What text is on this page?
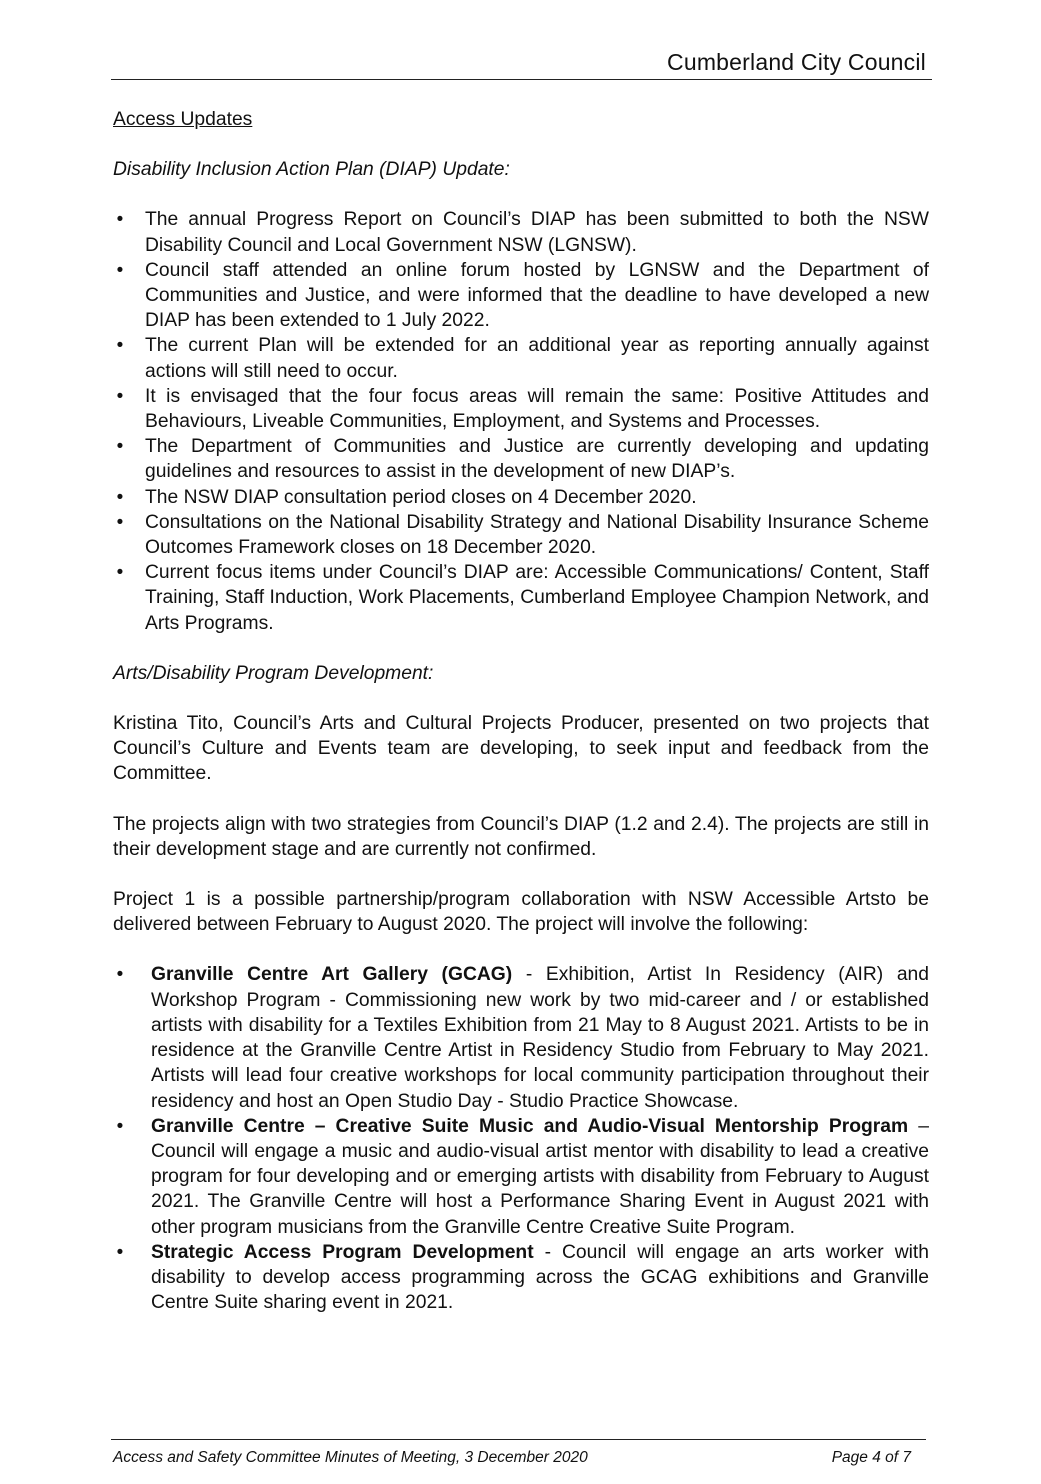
Cumberland City Council

Access Updates

Disability Inclusion Action Plan (DIAP) Update:

• The annual Progress Report on Council’s DIAP has been submitted to both the NSW Disability Council and Local Government NSW (LGNSW).
• Council staff attended an online forum hosted by LGNSW and the Department of Communities and Justice, and were informed that the deadline to have developed a new DIAP has been extended to 1 July 2022.
• The current Plan will be extended for an additional year as reporting annually against actions will still need to occur.
• It is envisaged that the four focus areas will remain the same: Positive Attitudes and Behaviours, Liveable Communities, Employment, and Systems and Processes.
• The Department of Communities and Justice are currently developing and updating guidelines and resources to assist in the development of new DIAP’s.
• The NSW DIAP consultation period closes on 4 December 2020.
• Consultations on the National Disability Strategy and National Disability Insurance Scheme Outcomes Framework closes on 18 December 2020.
• Current focus items under Council’s DIAP are: Accessible Communications/ Content, Staff Training, Staff Induction, Work Placements, Cumberland Employee Champion Network, and Arts Programs.

Arts/Disability Program Development:

Kristina Tito, Council’s Arts and Cultural Projects Producer, presented on two projects that Council’s Culture and Events team are developing, to seek input and feedback from the Committee.

The projects align with two strategies from Council’s DIAP (1.2 and 2.4). The projects are still in their development stage and are currently not confirmed.

Project 1 is a possible partnership/program collaboration with NSW Accessible Artsto be delivered between February to August 2020. The project will involve the following:

• Granville Centre Art Gallery (GCAG) - Exhibition, Artist In Residency (AIR) and Workshop Program - Commissioning new work by two mid-career and / or established artists with disability for a Textiles Exhibition from 21 May to 8 August 2021. Artists to be in residence at the Granville Centre Artist in Residency Studio from February to May 2021. Artists will lead four creative workshops for local community participation throughout their residency and host an Open Studio Day - Studio Practice Showcase.
• Granville Centre – Creative Suite Music and Audio-Visual Mentorship Program – Council will engage a music and audio-visual artist mentor with disability to lead a creative program for four developing and or emerging artists with disability from February to August 2021. The Granville Centre will host a Performance Sharing Event in August 2021 with other program musicians from the Granville Centre Creative Suite Program.
• Strategic Access Program Development - Council will engage an arts worker with disability to develop access programming across the GCAG exhibitions and Granville Centre Suite sharing event in 2021.
Access and Safety Committee Minutes of Meeting, 3 December 2020	Page 4 of 7
